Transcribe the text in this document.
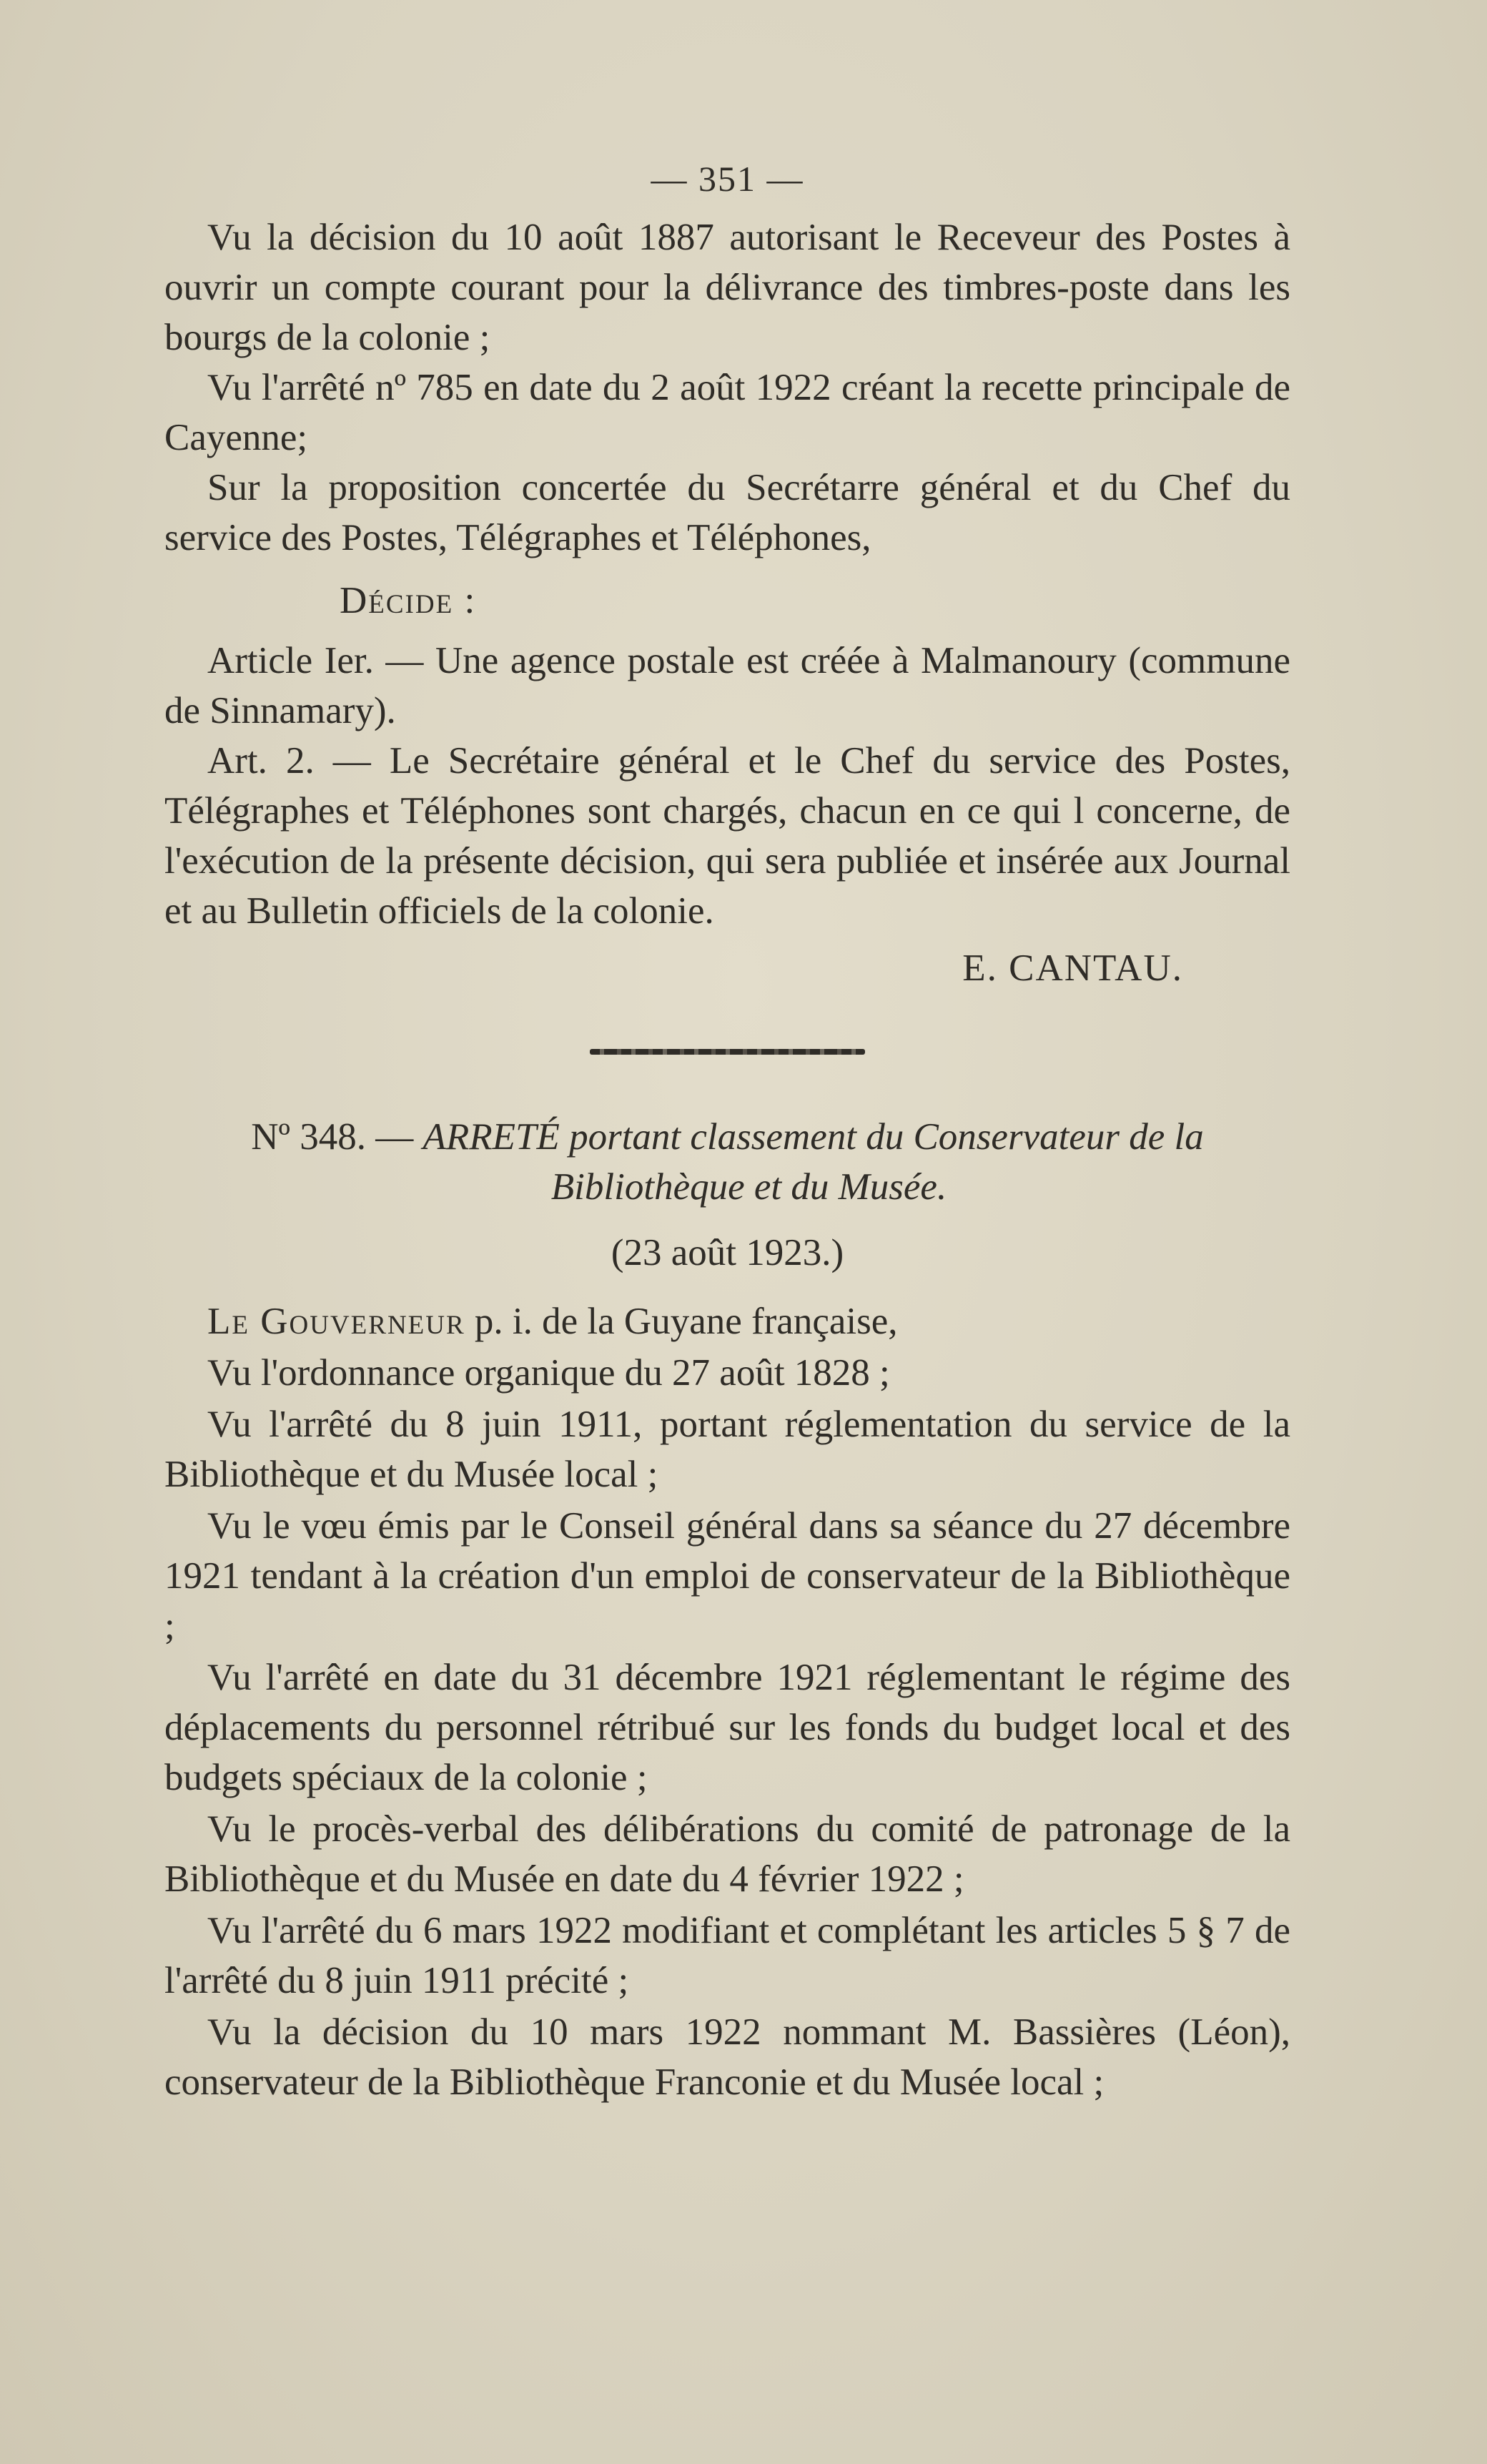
— 351 —

Vu la décision du 10 août 1887 autorisant le Receveur des Postes à ouvrir un compte courant pour la délivrance des timbres-poste dans les bourgs de la colonie ;

Vu l'arrêté nº 785 en date du 2 août 1922 créant la recette principale de Cayenne;

Sur la proposition concertée du Secrétarre général et du Chef du service des Postes, Télégraphes et Téléphones,

Décide :

Article Ier. — Une agence postale est créée à Malmanoury (commune de Sinnamary).

Art. 2. — Le Secrétaire général et le Chef du service des Postes, Télégraphes et Téléphones sont chargés, chacun en ce qui l concerne, de l'exécution de la présente décision, qui sera publiée et insérée aux Journal et au Bulletin officiels de la colonie.

E. CANTAU.

Nº 348. — ARRETÉ portant classement du Conservateur de la

Bibliothèque et du Musée.

(23 août 1923.)

Le Gouverneur p. i. de la Guyane française,

Vu l'ordonnance organique du 27 août 1828 ;

Vu l'arrêté du 8 juin 1911, portant réglementation du service de la Bibliothèque et du Musée local ;

Vu le vœu émis par le Conseil général dans sa séance du 27 décembre 1921 tendant à la création d'un emploi de conservateur de la Bibliothèque ;

Vu l'arrêté en date du 31 décembre 1921 réglementant le régime des déplacements du personnel rétribué sur les fonds du budget local et des budgets spéciaux de la colonie ;

Vu le procès-verbal des délibérations du comité de patronage de la Bibliothèque et du Musée en date du 4 février 1922 ;

Vu l'arrêté du 6 mars 1922 modifiant et complétant les articles 5 § 7 de l'arrêté du 8 juin 1911 précité ;

Vu la décision du 10 mars 1922 nommant M. Bassières (Léon), conservateur de la Bibliothèque Franconie et du Musée local ;
